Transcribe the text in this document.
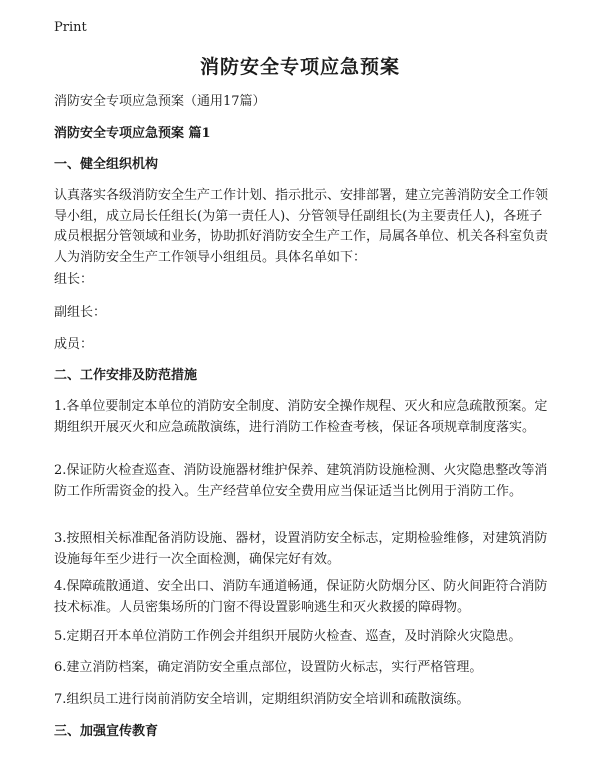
Print
消防安全专项应急预案

消防安全专项应急预案（通用17篇）

消防安全专项应急预案 篇1

一、健全组织机构

认真落实各级消防安全生产工作计划、指示批示、安排部署，建立完善消防安全工作领导小组，成立局长任组长(为第一责任人)、分管领导任副组长(为主要责任人)，各班子成员根据分管领域和业务，协助抓好消防安全生产工作，局属各单位、机关各科室负责人为消防安全生产工作领导小组组员。具体名单如下：

组长：

副组长：

成员：

二、工作安排及防范措施

1.各单位要制定本单位的消防安全制度、消防安全操作规程、灭火和应急疏散预案。定期组织开展灭火和应急疏散演练，进行消防工作检查考核，保证各项规章制度落实。

2.保证防火检查巡查、消防设施器材维护保养、建筑消防设施检测、火灾隐患整改等消防工作所需资金的投入。生产经营单位安全费用应当保证适当比例用于消防工作。

3.按照相关标准配备消防设施、器材，设置消防安全标志，定期检验维修，对建筑消防设施每年至少进行一次全面检测，确保完好有效。

4.保障疏散通道、安全出口、消防车通道畅通，保证防火防烟分区、防火间距符合消防技术标准。人员密集场所的门窗不得设置影响逃生和灭火救援的障碍物。

5.定期召开本单位消防工作例会并组织开展防火检查、巡查，及时消除火灾隐患。

6.建立消防档案，确定消防安全重点部位，设置防火标志，实行严格管理。

7.组织员工进行岗前消防安全培训，定期组织消防安全培训和疏散演练。

三、加强宣传教育
